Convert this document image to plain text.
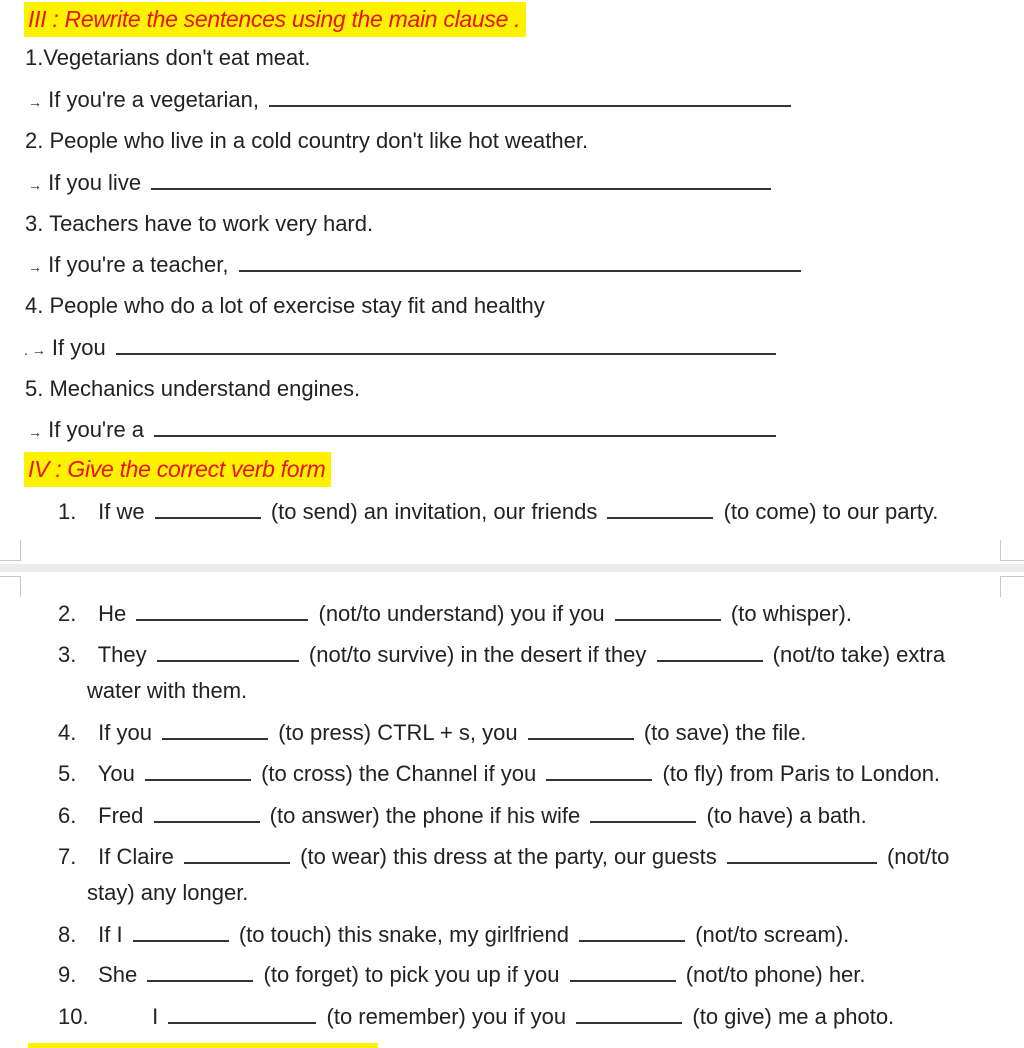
III : Rewrite the sentences using the main clause .
1.Vegetarians don't eat meat.
→ If you're a vegetarian,
2. People who live in a cold country don't like hot weather.
→ If you live
3. Teachers have to work very hard.
→ If you're a teacher,
4. People who do a lot of exercise stay fit and healthy
. → If you
5. Mechanics understand engines.
→ If you're a
IV : Give the correct verb form
1. If we	(to send) an invitation, our friends	(to come) to our party.
2. He	(not/to understand) you if you	(to whisper).
3. They	(not/to survive) in the desert if they	(not/to take) extra
water with them.
4. If you	(to press) CTRL + s, you	(to save) the file.
5. You	(to cross) the Channel if you	(to fly) from Paris to London.
6. Fred	(to answer) the phone if his wife	(to have) a bath.
7. If Claire	(to wear) this dress at the party, our guests	(not/to
stay) any longer.
8. If I	(to touch) this snake, my girlfriend	(not/to scream).
9. She	(to forget) to pick you up if you	(not/to phone) her.
10.	I	(to remember) you if you	(to give) me a photo.
